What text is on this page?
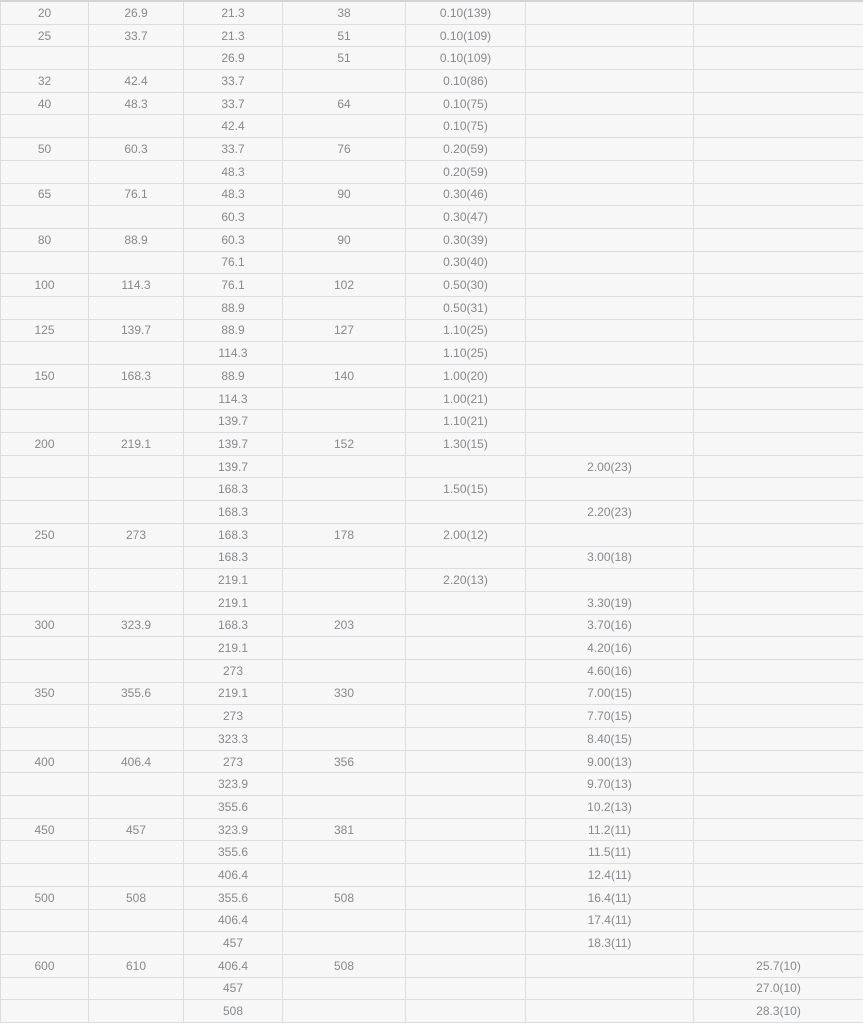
20	26.9	21.3	38	0.10(139)		
25	33.7	21.3	51	0.10(109)		
		26.9	51	0.10(109)		
32	42.4	33.7		0.10(86)		
40	48.3	33.7	64	0.10(75)		
		42.4		0.10(75)		
50	60.3	33.7	76	0.20(59)		
		48.3		0.20(59)		
65	76.1	48.3	90	0.30(46)		
		60.3		0.30(47)		
80	88.9	60.3	90	0.30(39)		
		76.1		0.30(40)		
100	114.3	76.1	102	0.50(30)		
		88.9		0.50(31)		
125	139.7	88.9	127	1.10(25)		
		114.3		1.10(25)		
150	168.3	88.9	140	1.00(20)		
		114.3		1.00(21)		
		139.7		1.10(21)		
200	219.1	139.7	152	1.30(15)		
		139.7			2.00(23)	
		168.3		1.50(15)		
		168.3			2.20(23)	
250	273	168.3	178	2.00(12)		
		168.3			3.00(18)	
		219.1		2.20(13)		
		219.1			3.30(19)	
300	323.9	168.3	203		3.70(16)	
		219.1			4.20(16)	
		273			4.60(16)	
350	355.6	219.1	330		7.00(15)	
		273			7.70(15)	
		323.3			8.40(15)	
400	406.4	273	356		9.00(13)	
		323.9			9.70(13)	
		355.6			10.2(13)	
450	457	323.9	381		11.2(11)	
		355.6			11.5(11)	
		406.4			12.4(11)	
500	508	355.6	508		16.4(11)	
		406.4			17.4(11)	
		457			18.3(11)	
600	610	406.4	508			25.7(10)
		457				27.0(10)
		508				28.3(10)
